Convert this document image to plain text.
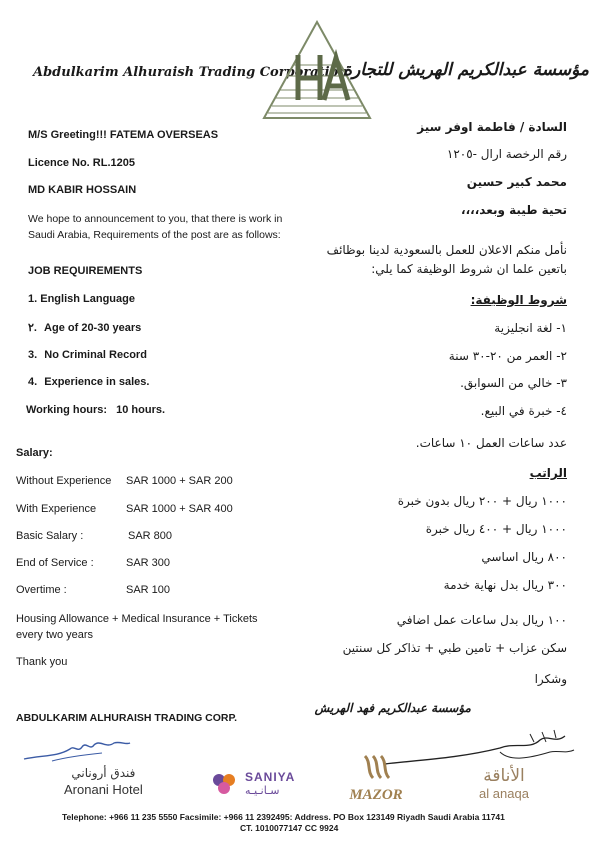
Abdulkarim Alhuraish Trading Corporation
مؤسسة عبدالكريم الهريش للتجارة
M/S Greeting!!! FATEMA OVERSEAS
Licence No. RL.1205
MD KABIR HOSSAIN
We hope to announcement to you, that there is work in
Saudi Arabia, Requirements of the post are as follows:
JOB REQUIREMENTS
1. English Language
٢. Age of 20-30 years
3. No Criminal Record
4. Experience in sales.
Working hours: 10 hours.
Salary:
Without Experience SAR 1000 + SAR 200
With Experience	SAR 1000 + SAR 400
Basic Salary :	SAR 800
End of Service :	SAR 300
Overtime :	SAR 100
Housing Allowance + Medical Insurance + Tickets
every two years
Thank you
ABDULKARIM ALHURAISH TRADING CORP.
السادة / فاطمة اوفر سيز
رقم الرخصة ارال -١٢٠٥
محمد كبير حسين
تحية طيبة وبعد،،،،
نأمل منكم الاعلان للعمل بالسعودية لدينا بوظائف
باتعين علما ان شروط الوظيفة كما يلي:
شروط الوظيفة:
١- لغة انجليزية
٢- العمر من ٢٠-٣٠ سنة
٣- خالي من السوابق.
٤- خبرة في البيع.
عدد ساعات العمل ١٠ ساعات.
الراتب
١٠٠٠ ريال + ٢٠٠ ريال بدون خبرة
١٠٠٠ ريال + ٤٠٠ ريال خبرة
٨٠٠ ريال اساسي
٣٠٠ ريال بدل نهاية خدمة
١٠٠ ريال بدل ساعات عمل اضافي
سكن عزاب + تامين طبي + تذاكر كل سنتين
وشكرا
مؤسسة عبدالكريم فهد الهريش
فندق أروناني
Aronani Hotel
SANIYA
سـانـيـه	MAZOR
الأناقة
al anaqa
Telephone: +966 11 235 5550 Facsimile: +966 11 2392495: Address. PO Box 123149 Riyadh Saudi Arabia 11741
CT. 1010077147 CC 9924
